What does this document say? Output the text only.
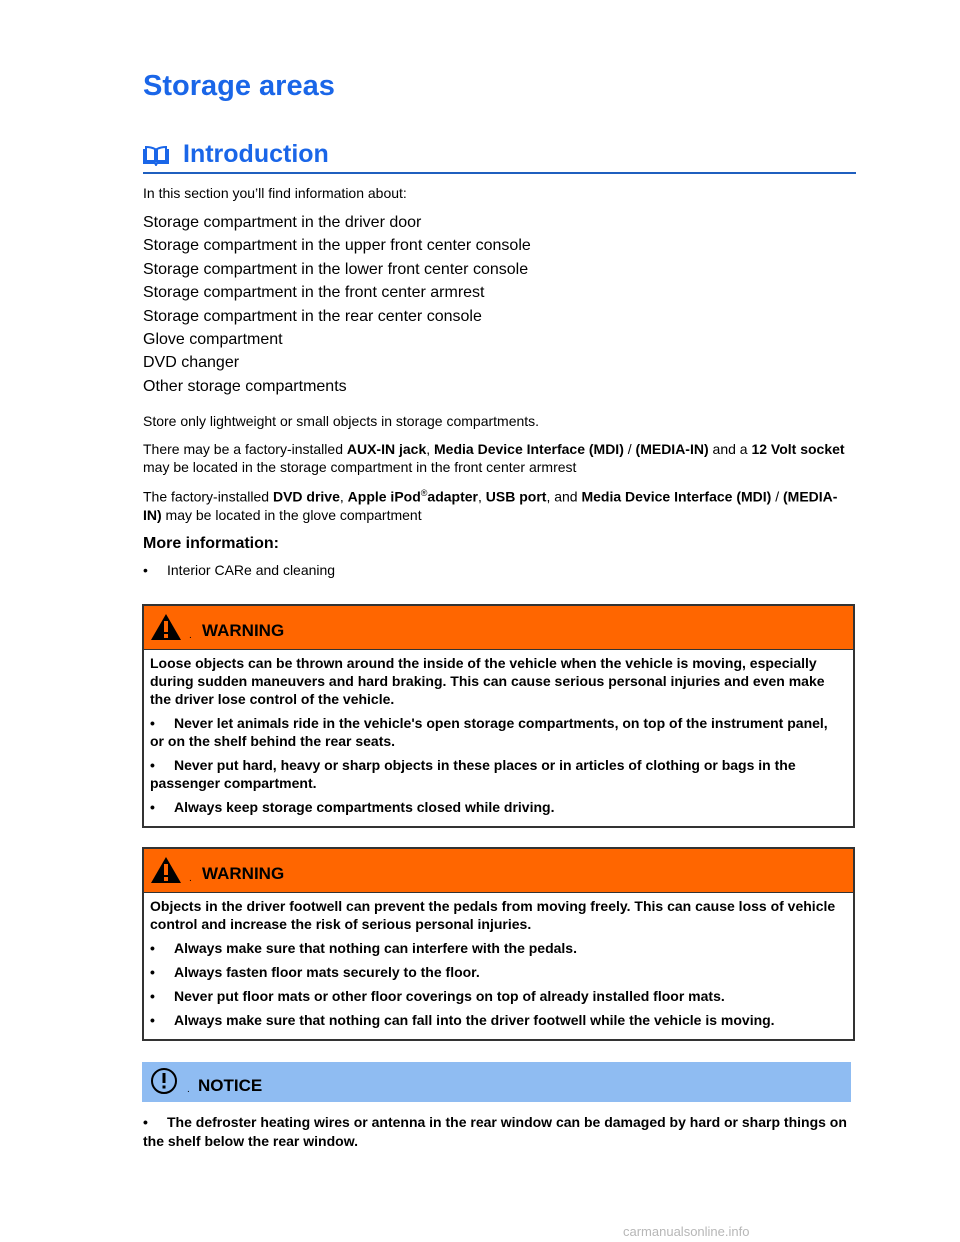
Storage areas
Introduction

In this section you’ll find information about:

Storage compartment in the driver door
Storage compartment in the upper front center console
Storage compartment in the lower front center console
Storage compartment in the front center armrest
Storage compartment in the rear center console
Glove compartment
DVD changer
Other storage compartments

Store only lightweight or small objects in storage compartments.

There may be a factory-installed AUX-IN jack, Media Device Interface (MDI) / (MEDIA-IN) and a 12 Volt socket may be located in the storage compartment in the front center armrest

The factory-installed DVD drive, Apple iPod®adapter, USB port, and Media Device Interface (MDI) / (MEDIA-IN) may be located in the glove compartment

More information:

• Interior CARe and cleaning
. WARNING

Loose objects can be thrown around the inside of the vehicle when the vehicle is moving, especially during sudden maneuvers and hard braking. This can cause serious personal injuries and even make the driver lose control of the vehicle.

• Never let animals ride in the vehicle's open storage compartments, on top of the instrument panel, or on the shelf behind the rear seats.

• Never put hard, heavy or sharp objects in these places or in articles of clothing or bags in the passenger compartment.

• Always keep storage compartments closed while driving.

. WARNING

Objects in the driver footwell can prevent the pedals from moving freely. This can cause loss of vehicle control and increase the risk of serious personal injuries.

• Always make sure that nothing can interfere with the pedals.

• Always fasten floor mats securely to the floor.

• Never put floor mats or other floor coverings on top of already installed floor mats.

• Always make sure that nothing can fall into the driver footwell while the vehicle is moving.

. NOTICE

• The defroster heating wires or antenna in the rear window can be damaged by hard or sharp things on the shelf below the rear window.

carmanualsonline.info
